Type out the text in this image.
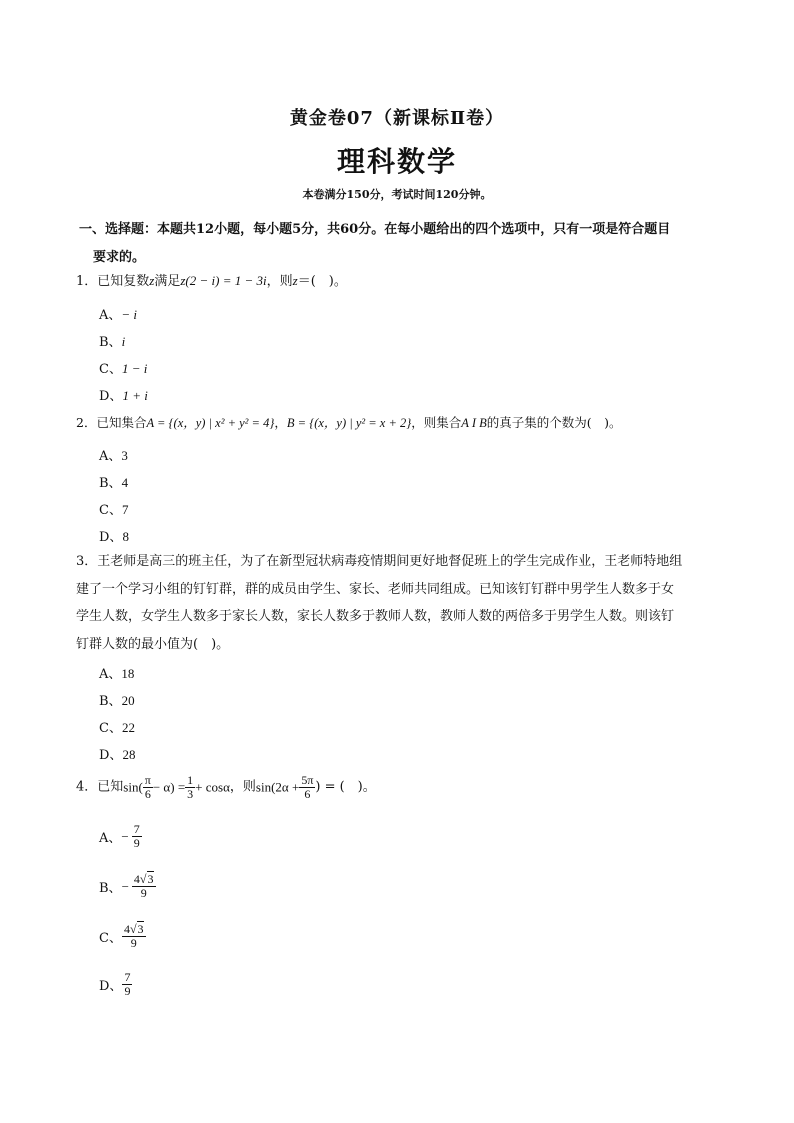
黄金卷07（新课标Ⅱ卷）
理科数学
本卷满分150分，考试时间120分钟。
一、选择题：本题共12小题，每小题5分，共60分。在每小题给出的四个选项中，只有一项是符合题目
要求的。
1．已知复数z满足z(2 − i) = 1 − 3i，则z＝(　)。
A、− i
B、i
C、1 − i
D、1 + i
2．已知集合A = {(x，y) | x² + y² = 4}，B = {(x，y) | y² = x + 2}，则集合A I B的真子集的个数为(　)。
A、3
B、4
C、7
D、8
3．王老师是高三的班主任，为了在新型冠状病毒疫情期间更好地督促班上的学生完成作业，王老师特地组
建了一个学习小组的钉钉群，群的成员由学生、家长、老师共同组成。已知该钉钉群中男学生人数多于女
学生人数，女学生人数多于家长人数，家长人数多于教师人数，教师人数的两倍多于男学生人数。则该钉
钉群人数的最小值为(　)。
A、18
B、20
C、22
D、28
4．已知$\sin( \frac{\pi}{6} - \alpha) = \frac{1}{3} + \cos\alpha$，则$\sin(2\alpha + \frac{5\pi}{6}$ ) = (　)。
A、− $\frac{7}{9}$
B、− $\frac{4√3}{9}$
C、 $\frac{4√3}{9}$
D、 $\frac{7}{9}$
